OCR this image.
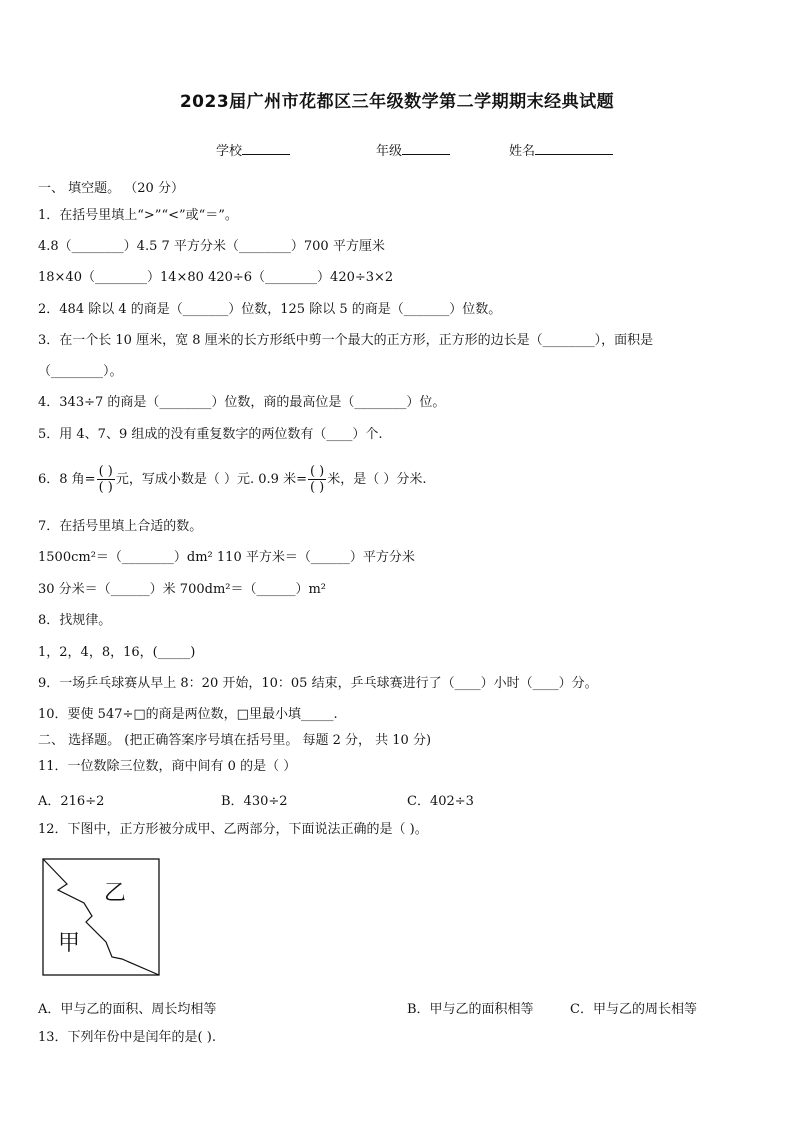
2023届广州市花都区三年级数学第二学期期末经典试题
学校	年级	姓名
一、 填空题。 （20 分）
1．在括号里填上“>”“<”或“＝”。
4.8（________）4.5 7 平方分米（________）700 平方厘米
18×40（________）14×80 420÷6（________）420÷3×2
2．484 除以 4 的商是（_______）位数，125 除以 5 的商是（_______）位数。
3．在一个长 10 厘米，宽 8 厘米的长方形纸中剪一个最大的正方形，正方形的边长是（________），面积是
（________）。
4．343÷7 的商是（________）位数，商的最高位是（________）位。
5．用 4、7、9 组成的没有重复数字的两位数有（____）个.
6．8 角= $\frac{( )}{( )}$ 元，写成小数是（ ）元. 0.9 米= $\frac{( )}{( )}$ 米，是（ ）分米.
7．在括号里填上合适的数。
1500cm²＝（________）dm² 110 平方米＝（______）平方分米
30 分米＝（______）米 700dm²＝（______）m²
8．找规律。
1，2，4，8，16，(_____)
9．一场乒乓球赛从早上 8：20 开始，10：05 结束，乒乓球赛进行了（____）小时（____）分。
10．要使 547÷□的商是两位数，□里最小填_____.
二、 选择题。 (把正确答案序号填在括号里。 每题 2 分， 共 10 分)
11．一位数除三位数，商中间有 0 的是（ ）
A．216÷2	B．430÷2	C．402÷3
12．下图中，正方形被分成甲、乙两部分，下面说法正确的是（ )。
甲
乙
A．甲与乙的面积、周长均相等	B．甲与乙的面积相等	C．甲与乙的周长相等
13．下列年份中是闰年的是( ).
